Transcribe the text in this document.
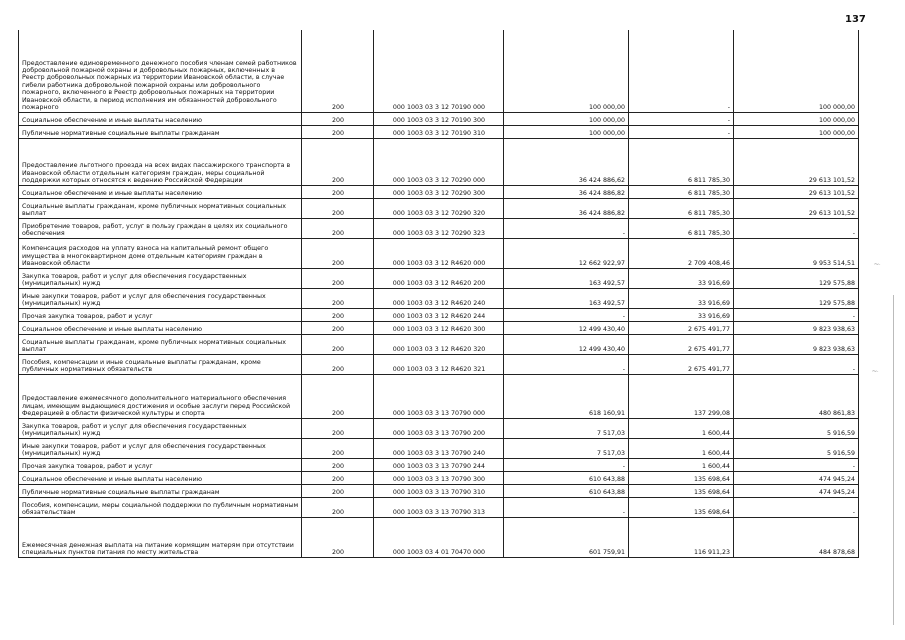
137
Предоставление единовременного денежного пособия членам семей работников добровольной пожарной охраны и добровольных пожарных, включенных в Реестр добровольных пожарных из территории Ивановской области, в случае гибели работника добровольной пожарной охраны или добровольного пожарного, включенного в Реестр добровольных пожарных на территории Ивановской области, в период исполнения им обязанностей добровольного пожарного	200	000 1003 03 3 12 70190 000	100 000,00	-	100 000,00
Социальное обеспечение и иные выплаты населению	200	000 1003 03 3 12 70190 300	100 000,00	-	100 000,00
Публичные нормативные социальные выплаты гражданам	200	000 1003 03 3 12 70190 310	100 000,00	-	100 000,00
Предоставление льготного проезда на всех видах пассажирского транспорта в Ивановской области отдельным категориям граждан, меры социальной поддержки которых относятся к ведению Российской Федерации	200	000 1003 03 3 12 70290 000	36 424 886,62	6 811 785,30	29 613 101,52
Социальное обеспечение и иные выплаты населению	200	000 1003 03 3 12 70290 300	36 424 886,82	6 811 785,30	29 613 101,52
Социальные выплаты гражданам, кроме публичных нормативных социальных выплат	200	000 1003 03 3 12 70290 320	36 424 886,82	6 811 785,30	29 613 101,52
Приобретение товаров, работ, услуг в пользу граждан в целях их социального обеспечения	200	000 1003 03 3 12 70290 323	-	6 811 785,30	-
Компенсация расходов на уплату взноса на капитальный ремонт общего имущества в многоквартирном доме отдельным категориям граждан в Ивановской области	200	000 1003 03 3 12 R4620 000	12 662 922,97	2 709 408,46	9 953 514,51
Закупка товаров, работ и услуг для обеспечения государственных (муниципальных) нужд	200	000 1003 03 3 12 R4620 200	163 492,57	33 916,69	129 575,88
Иные закупки товаров, работ и услуг для обеспечения государственных (муниципальных) нужд	200	000 1003 03 3 12 R4620 240	163 492,57	33 916,69	129 575,88
Прочая закупка товаров, работ и услуг	200	000 1003 03 3 12 R4620 244	-	33 916,69	-
Социальное обеспечение и иные выплаты населению	200	000 1003 03 3 12 R4620 300	12 499 430,40	2 675 491,77	9 823 938,63
Социальные выплаты гражданам, кроме публичных нормативных социальных выплат	200	000 1003 03 3 12 R4620 320	12 499 430,40	2 675 491,77	9 823 938,63
Пособия, компенсации и иные социальные выплаты гражданам, кроме публичных нормативных обязательств	200	000 1003 03 3 12 R4620 321	-	2 675 491,77	-
Предоставление ежемесячного дополнительного материального обеспечения лицам, имеющим выдающиеся достижения и особые заслуги перед Российской Федерацией в области физической культуры и спорта	200	000 1003 03 3 13 70790 000	618 160,91	137 299,08	480 861,83
Закупка товаров, работ и услуг для обеспечения государственных (муниципальных) нужд	200	000 1003 03 3 13 70790 200	7 517,03	1 600,44	5 916,59
Иные закупки товаров, работ и услуг для обеспечения государственных (муниципальных) нужд	200	000 1003 03 3 13 70790 240	7 517,03	1 600,44	5 916,59
Прочая закупка товаров, работ и услуг	200	000 1003 03 3 13 70790 244	-	1 600,44	-
Социальное обеспечение и иные выплаты населению	200	000 1003 03 3 13 70790 300	610 643,88	135 698,64	474 945,24
Публичные нормативные социальные выплаты гражданам	200	000 1003 03 3 13 70790 310	610 643,88	135 698,64	474 945,24
Пособия, компенсации, меры социальной поддержки по публичным нормативным обязательствам	200	000 1003 03 3 13 70790 313	-	135 698,64	-
Ежемесячная денежная выплата на питание кормящим матерям при отсутствии специальных пунктов питания по месту жительства	200	000 1003 03 4 01 70470 000	601 759,91	116 911,23	484 878,68
⁓·
⁓·
